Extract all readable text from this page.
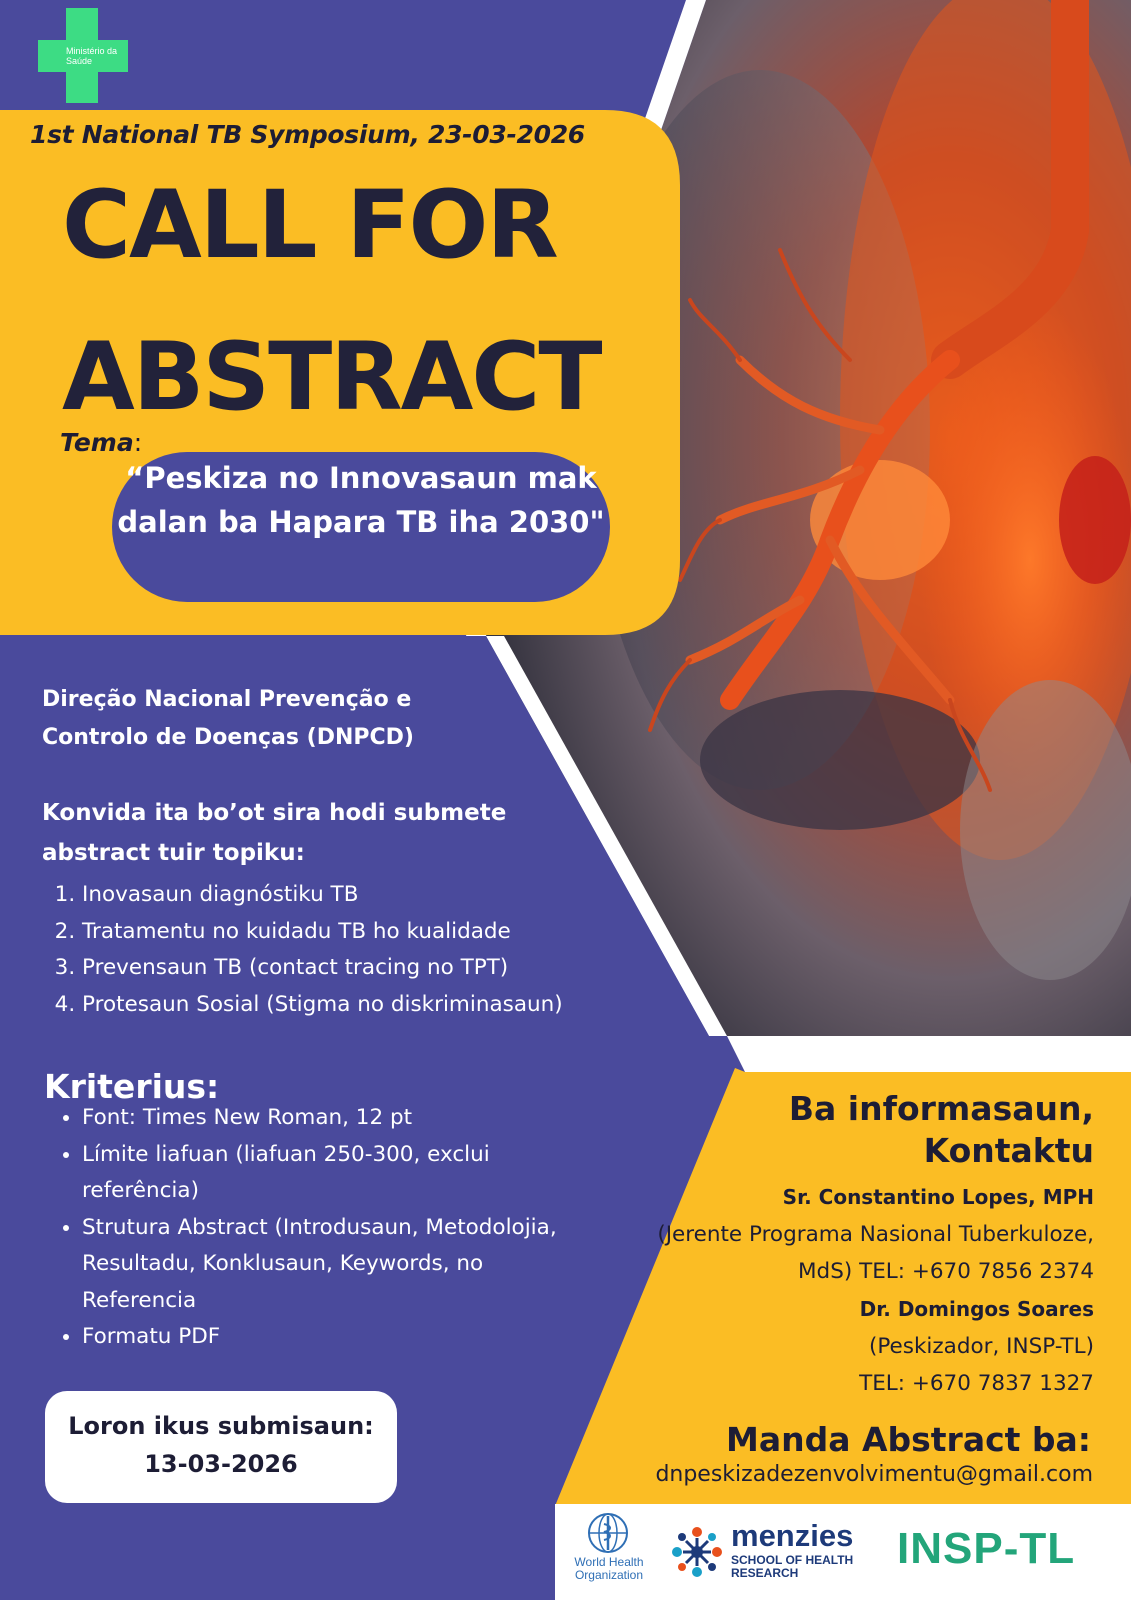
Ministério da Saúde
1st National TB Symposium, 23-03-2026
CALL FOR
ABSTRACT
Tema:
“Peskiza no Innovasaun mak dalan ba Hapara TB iha 2030"
Direção Nacional Prevenção e Controlo de Doenças (DNPCD)
Konvida ita bo’ot sira hodi submete abstract tuir topiku:
1. Inovasaun diagnóstiku TB
2. Tratamentu no kuidadu TB ho kualidade
3. Prevensaun TB (contact tracing no TPT)
4. Protesaun Sosial (Stigma no diskriminasaun)
Kriterius:
• Font: Times New Roman, 12 pt
• Límite liafuan (liafuan 250-300, exclui referência)
• Strutura Abstract (Introdusaun, Metodolojia, Resultadu, Konklusaun, Keywords, no Referencia
• Formatu PDF
Loron ikus submisaun:
13-03-2026
Ba informasaun,
Kontaktu
Sr. Constantino Lopes, MPH
(Jerente Programa Nasional Tuberkuloze, MdS) TEL: +670 7856 2374
Dr. Domingos Soares
(Peskizador, INSP-TL)
TEL: +670 7837 1327
Manda Abstract ba:
dnpeskizadezenvolvimentu@gmail.com
World Health Organization
menzies
SCHOOL OF HEALTH RESEARCH	INSP-TL
